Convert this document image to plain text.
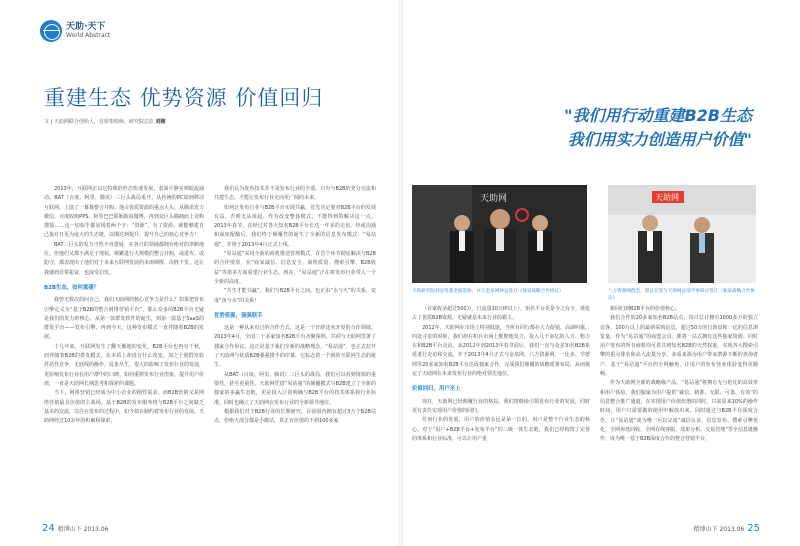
天助·天下
World Abstract
重建生态 优势资源 价值回归
文 | 天助网联合创始人、首席架构师、研究院总监 刘刚	"我们用行动重建B2B生态
我们用实力创造用户价值"

2013年，互联网正以它特殊的形态快速发展，表面平静实则暗流涌动。BAT（百度、阿里、腾讯）三巨头战局重开，从传统的PC端到移动互联网，上演了一幕幕整合并购。他占优质资源的重点大头。从腾讯发力微信、百度收购PPS、阿里巴巴联姻新浪微博，再到众巨头瞄拥而上竞购搜狐……这一切似乎都显现着两个字：“资源”，有了资源，就能够建自己拢有且更为庞大的生态链，以期达到提升、提升自己的核心竞争力！

BAT三巨头的发力当然不容置疑，在各自的领域都拥有绝对的垄断地位。但他们又都不满足于现状，频繁进行大规模的整合并购，或进攻、或防守，都表现出了他们对于未来互联网发展的未雨绸缪，决胜千里。这让我感到非常振奋，也深受启发。

B2B生态，如何重建？

我曾无数次的问自己，我们天助网的核心竞争力是什么？如果把发布引擎定义为“基于B2B的整合网络营销平台”，那么众多的B2B平台无疑是我们的发力的核心。从第一款群发软件的诞生，到第一款基于SaaS的群发平台——发布引擎，再到今天，这种发布模式一直伴随着B2B的发展。

十几年来，互联网发生了翻天覆地的变化，B2B平台也再有千秋，而伴随着B2B的群发模式，在本质上却没有什么改变。加之个别群发软件恶性竞争，无底线的操作，乱象丛生，很大的影响了发布行业的发展，更影响发布行业在用户群中的口碑。如何重树发布行业形象，提升用户价值，一直是天助网长期思考和探索的课题。

当下，网络营销已经成为中小企业的刚性需求，而B2B营销又是网络营销最具价值的主战场。基于B2B的发布服务将与B2B平台之间缺乏基本的交流，以往在发布的过程中，如今却在制约着发布行业的发展。天助网经过10余年的积累和探索，

我们认为发布技术并不是发布行业的全部，只有与B2B的充分交流和共建生态，才能让发布行业走向更广阔的未来。

如何让发布行业与B2B平台实现共赢，首先肯定要对B2B平台的发展有益，否则无从谈起。作为改变整体模式，不能得到的解决这一点。2013年春节，在经过对各大知名B2B平台长达一年多的走访、经或沟通和深度配酿后，我们终于颠覆性的诞生了全新的信息发布模式：“易站通”，并将于2013年4月正式上线。

“易站通”采用全新的商机推送管理模式，在首个环节彻底解决与B2B的合作壁垒，在“商家诚信、信息安全、商机质量、搜索引擎、B2B收益”等诸多方面重建行业生态。现在，“易站通”正在将发布行业带入一个全新的高度。

“共生才能共赢”，我们与B2B平台之间，也正由“水与火”的关系，变成“鱼与水”的关系！

优势资源，强强联手

这是一种从来有过的合作方式，这是一个开辟还未开发的合作领域。2013年4月，全国二十多家知名B2B平台齐聚深圳，共同与天助网签署了独家合作协议。这正是基于我们全新的战略理念，“易站通”，也正式拉开了天助网与优质B2B强强携手的序幕，它标志着一个新的互联网生态的诞生。

从BAT（百度、阿里、腾讯）三巨头的战局，我们可以看到资源的重要性，甚至更重性。天助网凭借“易站通”的颠覆模式与B2B建立了全新的独家的多赢生态链，更是投入巨资明确与B2B平台的技术体系和行业标准，同时也确立了天助网在发布行业的全新领导地位。

根据我们对于B2B行业的长期研究，目前国内拥有超过3万个B2B站点，但绝大部分都是小微站，真正有价值的不到100多家

天助网
天助研究院刘总常董金波签协，并与金泉网钟总签订《独家战略合作协议》
天助网
八方资源网群会，胆总在签与天助网总部学事研讨签订《独家战略合作协议》

（百家收录超过500万，日流量10万IP以上），知名平台更是少之有少。谁抢占了优质B2B资源，无疑就是未来行业的霸主。

2012年，天助网在市场上特别低迷，当所有同行都在大力促销、高调叫嚣，四处寻求的时候，我们却在积兵市场上默默地发力，投入几千多亿的人力、物力在和B2B平台走访。从2012年到2013年春节前后，我们一直与众多知名B2B系延进行走访和交流，并于2013年4月正式与金泉网、八方资源网、一比多、学德网等20多家知名B2B平台达成独家合作，完成我们颠覆的战略部署布局，从而奠定了天助网在未来发布行业的绝对领先地位。

价值回归，用户至上

现在，天助网已经颠覆行业的格局，我们将继续引领发布行业的发展，同时更有责任实现用户价值的回归。

任何行业的发展，用户的价值永远是第一位的，用户是整个行业生态的核心。对于“用户+B2B平台+发布平台”的三级一体生态链，我们已经构筑了完善的体系和行业标准，可以让用户重

新回归到B2B平台的价值核心。

我们合作的20多家知名B2B站点，每日总计拥有1000多万的独立访客、100万以上的最新采购信息，超过50万的日询盘和一亿的信息浏览量，作为“易站通”的商盟会员，都将一站式拥有这些独家资源。同时用户发布的所有商机均可供共到知名B2B的天然权重，实现各大搜索引擎的重点排名和高大流量分享，多重来源为用户带来潜源不断的查询者户，基于“易站通”平台的全网触角，让用户的发布营业体验变得更顺畅。

作为天助网全新的战略级产品，“易站通”将拥有无与伦比的高效率和用户体验。我们独家为用户提供“诚信、精准、无限、可靠、有效”的信息整合推广通道，在实现用户价值倍增的同时，只需原来10%的操作时间，用户只需要做的使用中解放出来。同时通过与B2B平台深度合作，让“易站通”成为唯一可以完成“诚信认证、信息发布、搜索引擎优化、全网询盘回收、全网在线客服、效果分析、交易管理”等全信息链操作，成为唯一基于B2B深度合作的整合营销平台。

24 精博山下 2013.06	精博山下 2013.06 25
